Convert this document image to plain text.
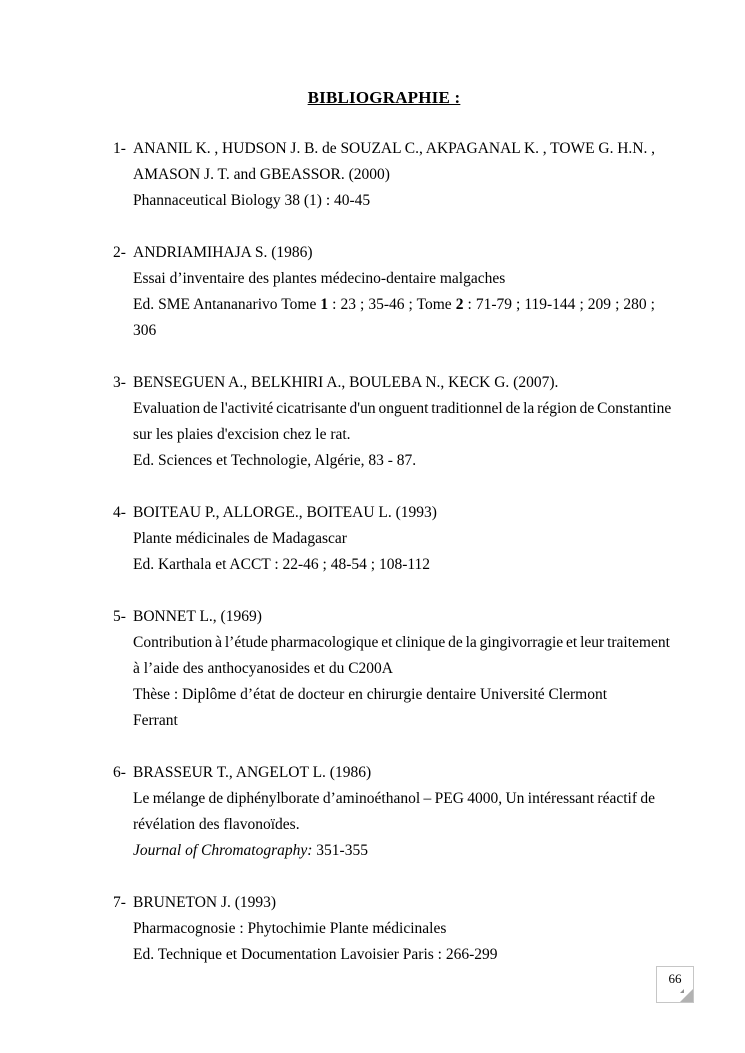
BIBLIOGRAPHIE :
1- ANANIL K. , HUDSON J. B. de SOUZAL C., AKPAGANAL K. , TOWE G. H.N. ,
AMASON J. T. and GBEASSOR. (2000)
Phannaceutical Biology 38 (1) : 40-45
2- ANDRIAMIHAJA S. (1986)
Essai d’inventaire des plantes médecino-dentaire malgaches
Ed. SME Antananarivo Tome 1 : 23 ; 35-46 ; Tome 2 : 71-79 ; 119-144 ; 209 ; 280 ;
306
3- BENSEGUEN A., BELKHIRI A., BOULEBA N., KECK G. (2007).
Evaluation de l'activité cicatrisante d'un onguent traditionnel de la région de Constantine
sur les plaies d'excision chez le rat.
Ed. Sciences et Technologie, Algérie, 83 - 87.
4- BOITEAU P., ALLORGE., BOITEAU L. (1993)
Plante médicinales de Madagascar
Ed. Karthala et ACCT : 22-46 ; 48-54 ; 108-112
5- BONNET L., (1969)
Contribution à l’étude pharmacologique et clinique de la gingivorragie et leur traitement
à l’aide des anthocyanosides et du C200A
Thèse : Diplôme d’état de docteur en chirurgie dentaire Université Clermont Ferrant
6- BRASSEUR T., ANGELOT L. (1986)
Le mélange de diphénylborate d’aminoéthanol – PEG 4000, Un intéressant réactif de
révélation des flavonoïdes.
Journal of Chromatography: 351-355
7- BRUNETON J. (1993)
Pharmacognosie : Phytochimie Plante médicinales
Ed. Technique et Documentation Lavoisier Paris : 266-299
66
